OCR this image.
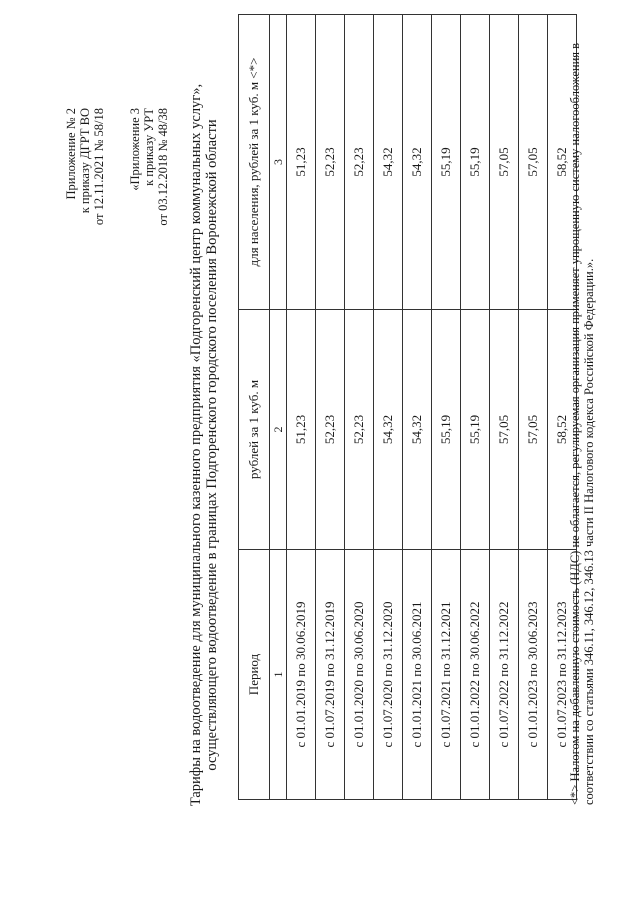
Приложение № 2 к приказу ДГРТ ВО от 12.11.2021 № 58/18 «Приложение 3 к приказу УРТ от 03.12.2018 № 48/38 Тарифы на водоотведение для муниципального казенного предприятия «Подгоренский центр коммунальных услуг», осуществляющего водоотведение в границах Подгоренского городского поселения Воронежской области Период	рублей за 1 куб. м	для населения, рублей за 1 куб. м <*>
1	2	3
с 01.01.2019 по 30.06.2019	51,23	51,23
с 01.07.2019 по 31.12.2019	52,23	52,23
с 01.01.2020 по 30.06.2020	52,23	52,23
с 01.07.2020 по 31.12.2020	54,32	54,32
с 01.01.2021 по 30.06.2021	54,32	54,32
с 01.07.2021 по 31.12.2021	55,19	55,19
с 01.01.2022 по 30.06.2022	55,19	55,19
с 01.07.2022 по 31.12.2022	57,05	57,05
с 01.01.2023 по 30.06.2023	57,05	57,05
с 01.07.2023 по 31.12.2023	58,52	58,52 <*> Налогом на добавленную стоимость (НДС) не облагается, регулируемая организация применяет упрощенную систему налогообложения в соответствии со статьями 346.11, 346.12, 346.13 части II Налогового кодекса Российской Федерации.».
